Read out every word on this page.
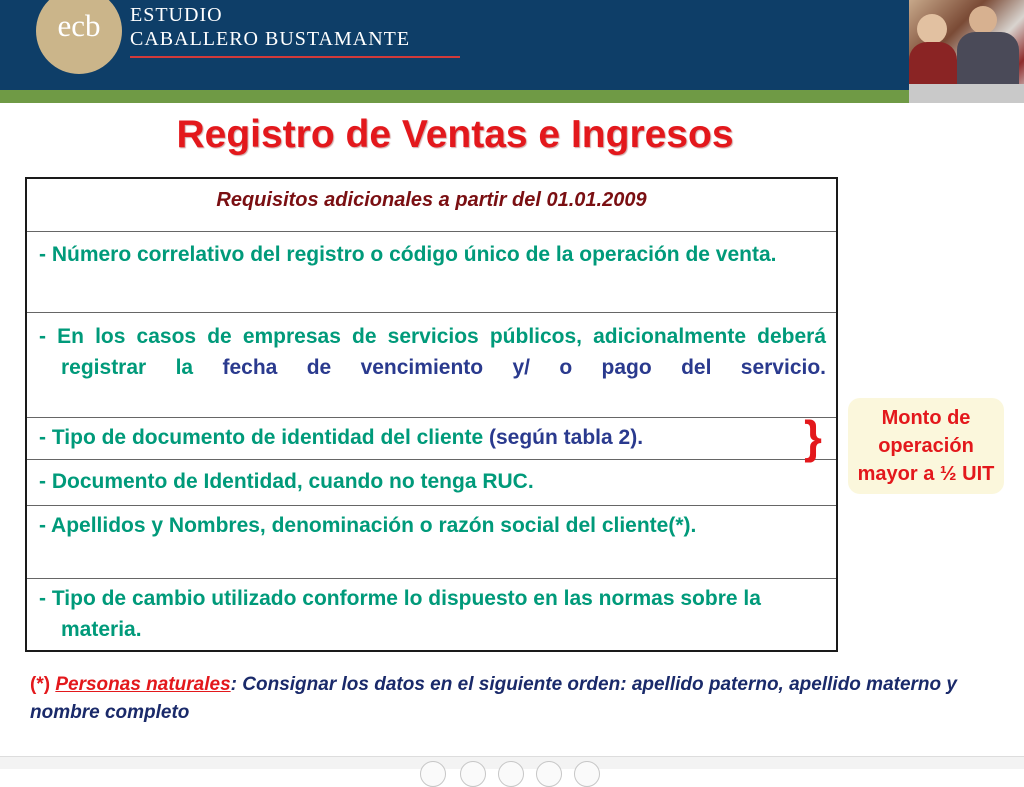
ecb	ESTUDIO
CABALLERO BUSTAMANTE
Registro de Ventas e Ingresos
Requisitos adicionales a partir del 01.01.2009
- Número correlativo del registro o código único de la operación de venta.
- En los casos de empresas de servicios públicos, adicionalmente deberá registrar la fecha de vencimiento y/ o pago del servicio.
- Tipo de documento de identidad del cliente (según tabla 2).
- Documento de Identidad, cuando no tenga RUC.
- Apellidos y Nombres, denominación o razón social del cliente(*).
- Tipo de cambio utilizado conforme lo dispuesto en las normas sobre la materia.
}	Monto de
operación
mayor a ½ UIT
(*) Personas naturales: Consignar los datos en el siguiente orden: apellido paterno, apellido materno y nombre completo
